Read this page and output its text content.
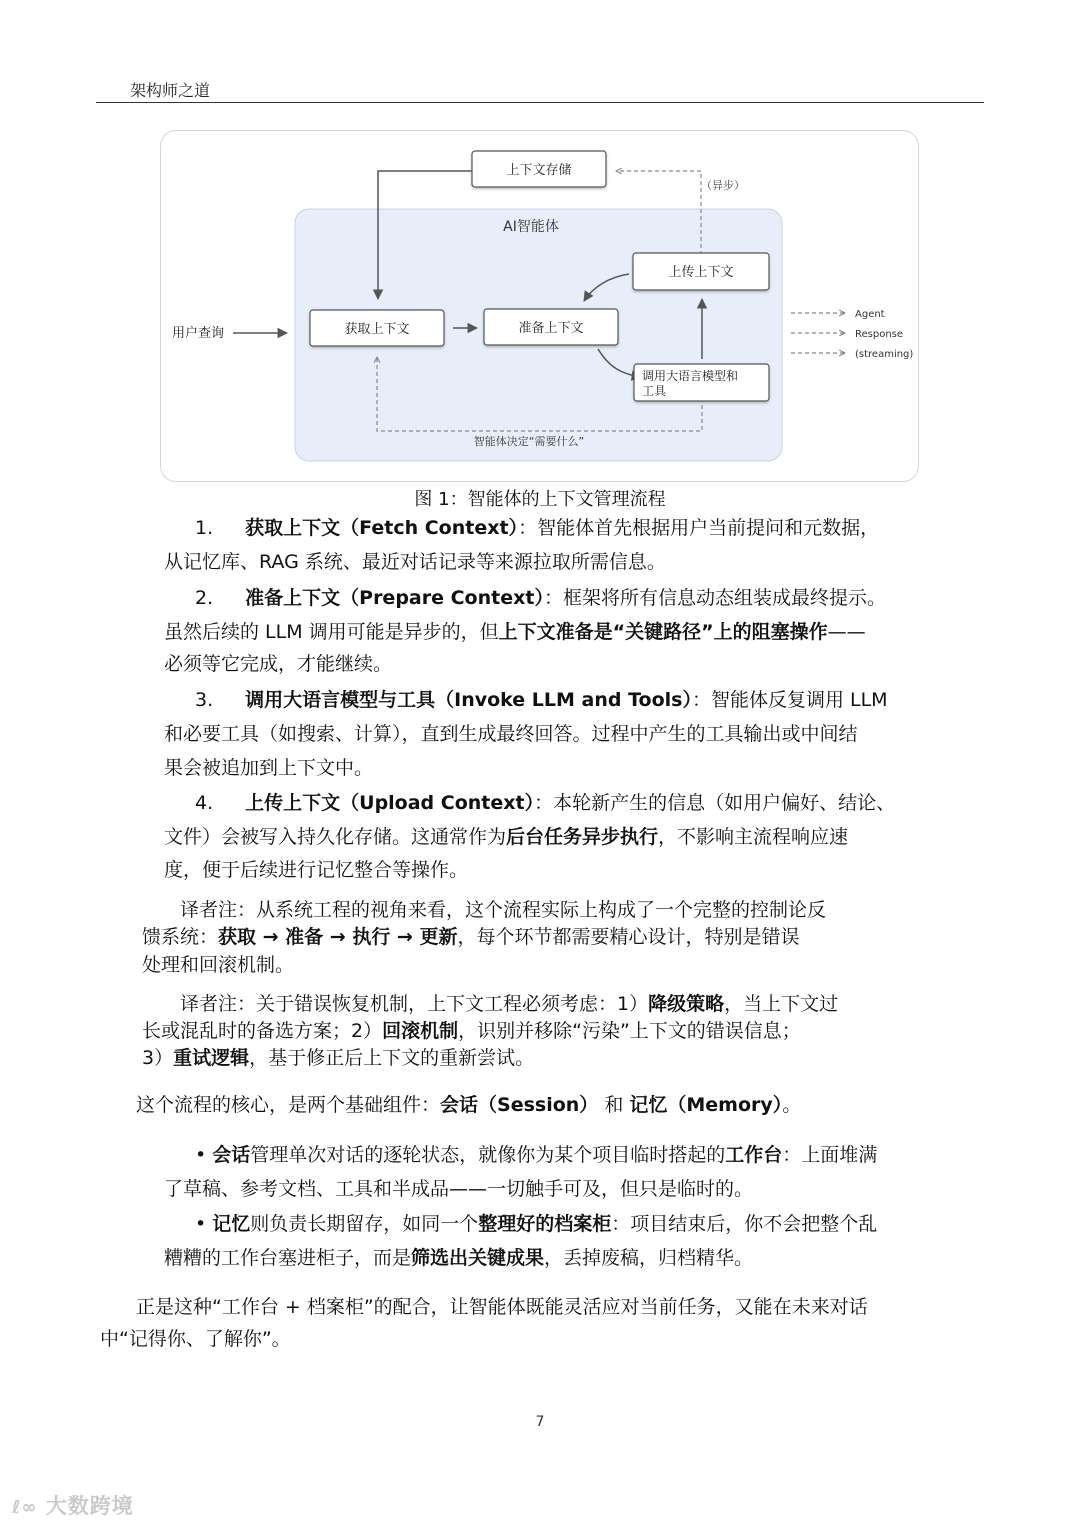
架构师之道
AI智能体
上下文存储
（异步）
用户查询	获取上下文	准备上下文
上传上下文
调用大语言模型和
工具
智能体决定“需要什么”
Agent
Response
(streaming)
图 1：智能体的上下文管理流程
1. 获取上下文（Fetch Context）：智能体首先根据用户当前提问和元数据，
从记忆库、RAG 系统、最近对话记录等来源拉取所需信息。
2. 准备上下文（Prepare Context）：框架将所有信息动态组装成最终提示。
虽然后续的 LLM 调用可能是异步的，但上下文准备是“关键路径”上的阻塞操作——
必须等它完成，才能继续。
3. 调用大语言模型与工具（Invoke LLM and Tools）：智能体反复调用 LLM
和必要工具（如搜索、计算），直到生成最终回答。过程中产生的工具输出或中间结
果会被追加到上下文中。
4. 上传上下文（Upload Context）：本轮新产生的信息（如用户偏好、结论、
文件）会被写入持久化存储。这通常作为后台任务异步执行，不影响主流程响应速
度，便于后续进行记忆整合等操作。
译者注：从系统工程的视角来看，这个流程实际上构成了一个完整的控制论反
馈系统：获取 → 准备 → 执行 → 更新，每个环节都需要精心设计，特别是错误
处理和回滚机制。
译者注：关于错误恢复机制，上下文工程必须考虑：1）降级策略，当上下文过
长或混乱时的备选方案；2）回滚机制，识别并移除“污染”上下文的错误信息；
3）重试逻辑，基于修正后上下文的重新尝试。
这个流程的核心，是两个基础组件：会话（Session） 和 记忆（Memory）。
• 会话管理单次对话的逐轮状态，就像你为某个项目临时搭起的工作台：上面堆满
了草稿、参考文档、工具和半成品——一切触手可及，但只是临时的。
• 记忆则负责长期留存，如同一个整理好的档案柜：项目结束后，你不会把整个乱
糟糟的工作台塞进柜子，而是筛选出关键成果，丢掉废稿，归档精华。
正是这种“工作台 + 档案柜”的配合，让智能体既能灵活应对当前任务，又能在未来对话
中“记得你、了解你”。
7
ℓ∞ 大数跨境
